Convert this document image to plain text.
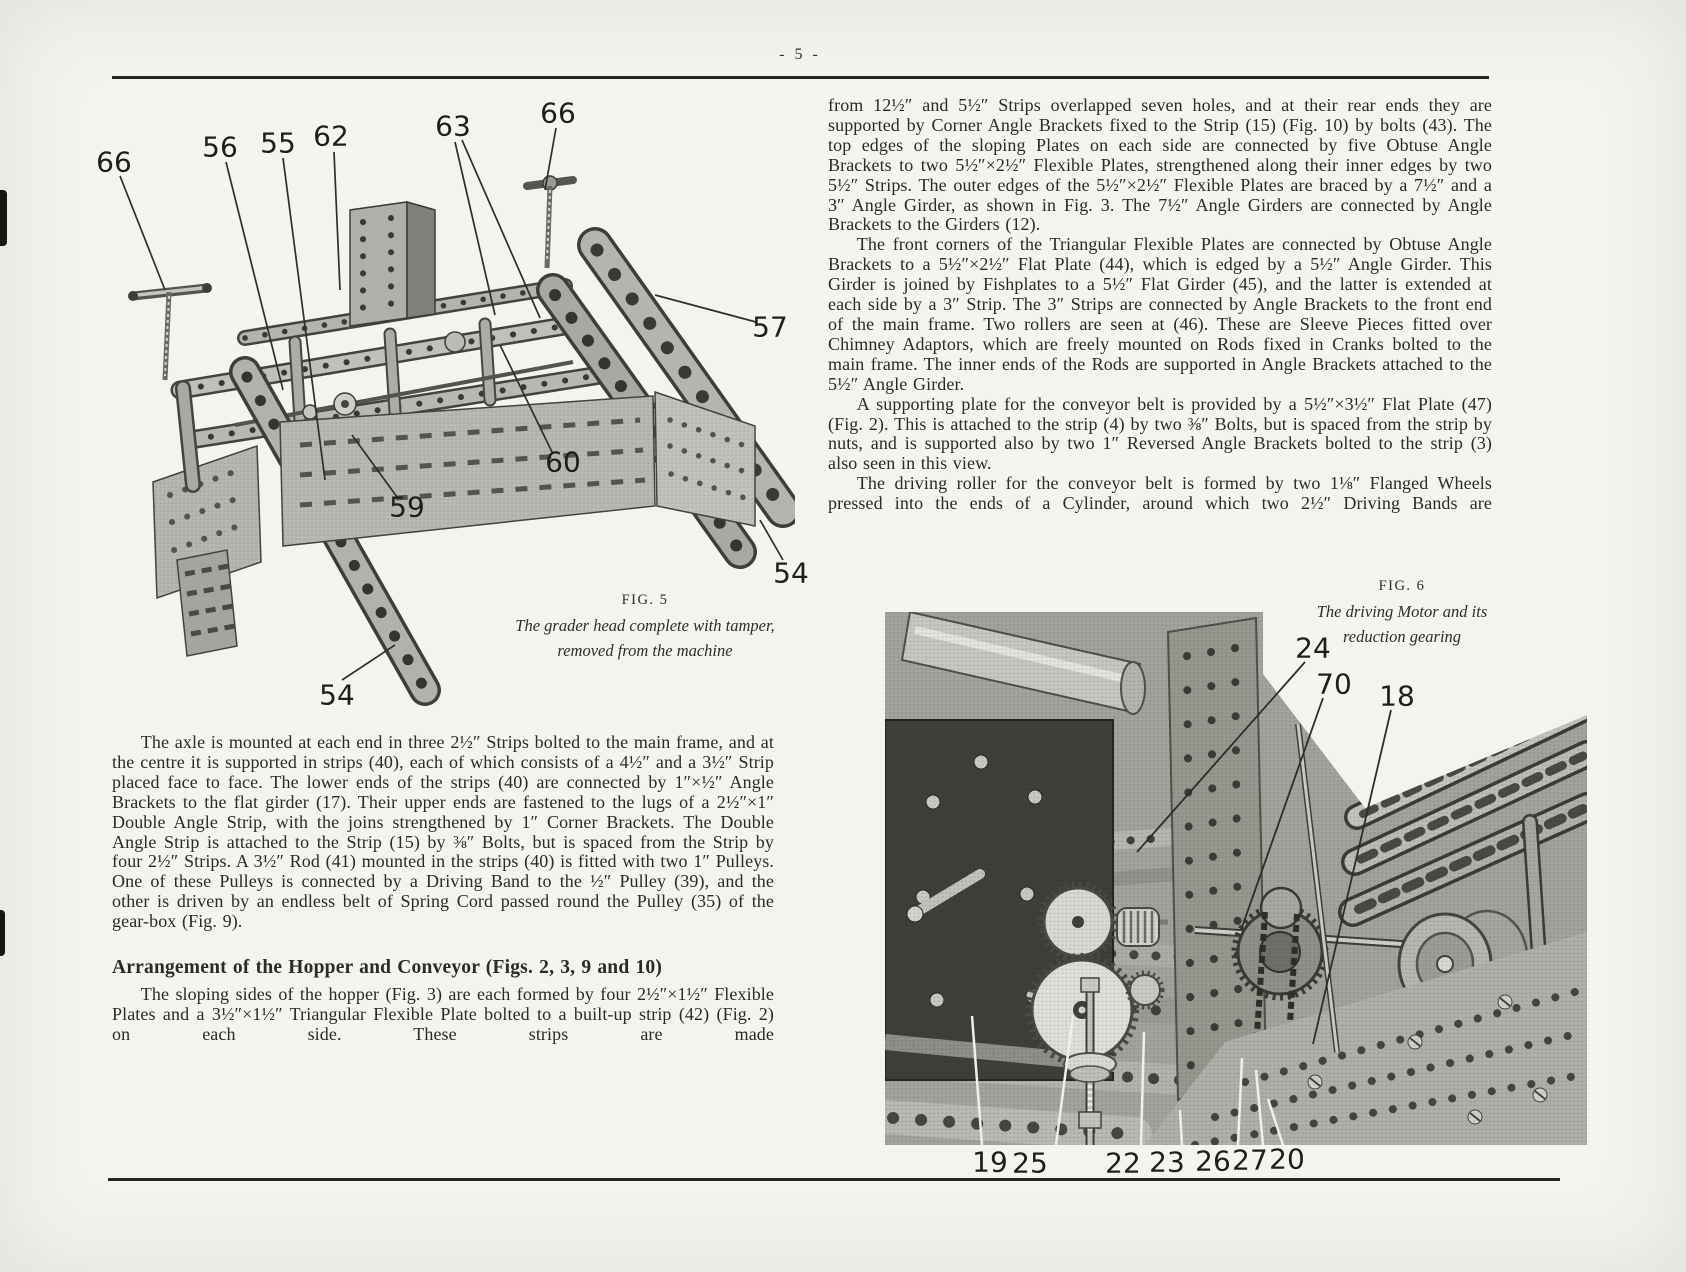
- 5 -
FIG. 5
The grader head complete with tamper,
removed from the machine
FIG. 6
The driving Motor and its
reduction gearing

from 12½″ and 5½″ Strips overlapped seven holes, and at their rear ends they are supported by Corner Angle Brackets fixed to the Strip (15) (Fig. 10) by bolts (43). The top edges of the sloping Plates on each side are connected by five Obtuse Angle Brackets to two 5½″×2½″ Flexible Plates, strengthened along their inner edges by two 5½″ Strips. The outer edges of the 5½″×2½″ Flexible Plates are braced by a 7½″ and a 3″ Angle Girder, as shown in Fig. 3. The 7½″ Angle Girders are connected by Angle Brackets to the Girders (12).

The front corners of the Triangular Flexible Plates are connected by Obtuse Angle Brackets to a 5½″×2½″ Flat Plate (44), which is edged by a 5½″ Angle Girder. This Girder is joined by Fishplates to a 5½″ Flat Girder (45), and the latter is extended at each side by a 3″ Strip. The 3″ Strips are connected by Angle Brackets to the front end of the main frame. Two rollers are seen at (46). These are Sleeve Pieces fitted over Chimney Adaptors, which are freely mounted on Rods fixed in Cranks bolted to the main frame. The inner ends of the Rods are supported in Angle Brackets attached to the 5½″ Angle Girder.

A supporting plate for the conveyor belt is provided by a 5½″×3½″ Flat Plate (47) (Fig. 2). This is attached to the strip (4) by two ⅜″ Bolts, but is spaced from the strip by nuts, and is supported also by two 1″ Reversed Angle Brackets bolted to the strip (3) also seen in this view.

The driving roller for the conveyor belt is formed by two 1⅛″ Flanged Wheels pressed into the ends of a Cylinder, around which two 2½″ Driving Bands are

The axle is mounted at each end in three 2½″ Strips bolted to the main frame, and at the centre it is supported in strips (40), each of which consists of a 4½″ and a 3½″ Strip placed face to face. The lower ends of the strips (40) are connected by 1″×½″ Angle Brackets to the flat girder (17). Their upper ends are fastened to the lugs of a 2½″×1″ Double Angle Strip, with the joins strengthened by 1″ Corner Brackets. The Double Angle Strip is attached to the Strip (15) by ⅜″ Bolts, but is spaced from the Strip by four 2½″ Strips. A 3½″ Rod (41) mounted in the strips (40) is fitted with two 1″ Pulleys. One of these Pulleys is connected by a Driving Band to the ½″ Pulley (39), and the other is driven by an endless belt of Spring Cord passed round the Pulley (35) of the gear-box (Fig. 9).

Arrangement of the Hopper and Conveyor (Figs. 2, 3, 9 and 10)

The sloping sides of the hopper (Fig. 3) are each formed by four 2½″×1½″ Flexible Plates and a 3½″×1½″ Triangular Flexible Plate bolted to a built-up strip (42) (Fig. 2) on each side. These strips are made

66	56 55 62	63 66
57
60
59
54
54
24
70 18
19 25 22 23 26 27 20
